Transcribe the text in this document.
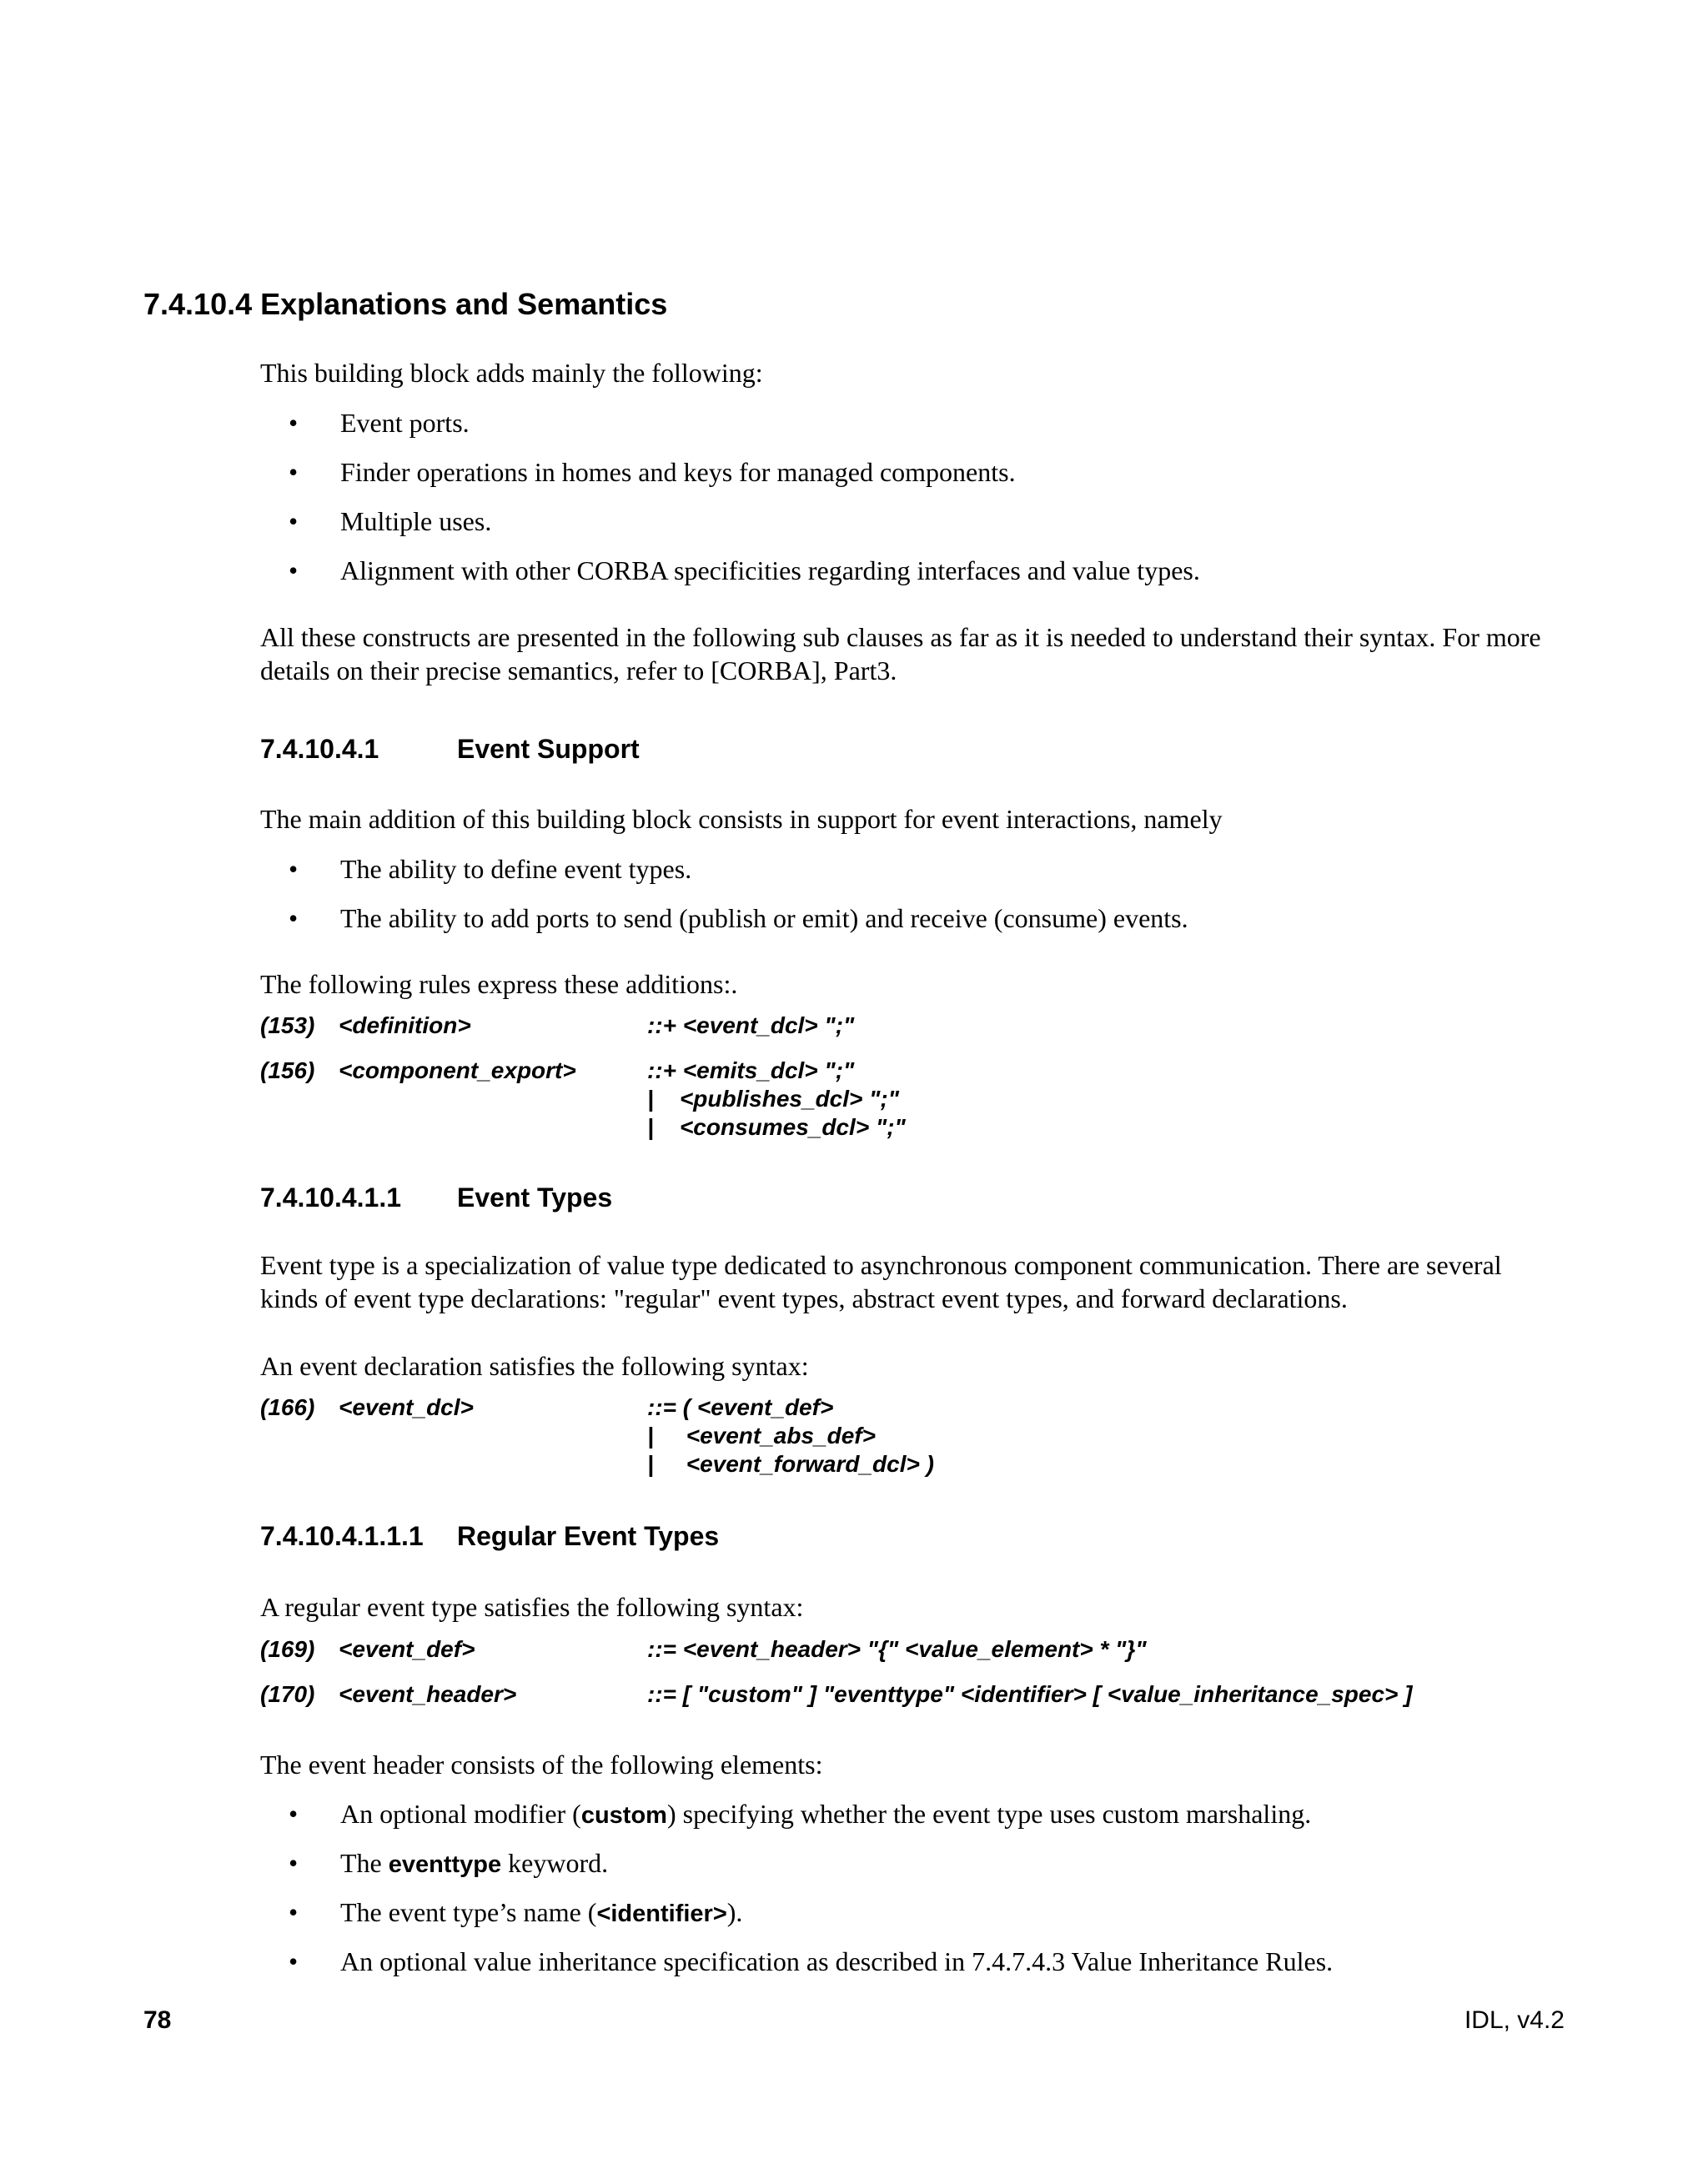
7.4.10.4 Explanations and Semantics
This building block adds mainly the following:
• Event ports.
• Finder operations in homes and keys for managed components.
• Multiple uses.
• Alignment with other CORBA specificities regarding interfaces and value types.
All these constructs are presented in the following sub clauses as far as it is needed to understand their syntax. For more details on their precise semantics, refer to [CORBA], Part3.
7.4.10.4.1	Event Support
The main addition of this building block consists in support for event interactions, namely
• The ability to define event types.
• The ability to add ports to send (publish or emit) and receive (consume) events.
The following rules express these additions:.
(153) <definition>	::+ <event_dcl> ";"
(156) <component_export>	::+ <emits_dcl> ";"
|    <publishes_dcl> ";"
|    <consumes_dcl> ";"
7.4.10.4.1.1 Event Types
Event type is a specialization of value type dedicated to asynchronous component communication. There are several kinds of event type declarations: "regular" event types, abstract event types, and forward declarations.
An event declaration satisfies the following syntax:
(166) <event_dcl>	::= ( <event_def>
|     <event_abs_def>
|     <event_forward_dcl> )
7.4.10.4.1.1.1 Regular Event Types
A regular event type satisfies the following syntax:
(169) <event_def>	::= <event_header> "{" <value_element> * "}"
(170) <event_header>	::= [ "custom" ] "eventtype" <identifier> [ <value_inheritance_spec> ]
The event header consists of the following elements:
• An optional modifier (custom) specifying whether the event type uses custom marshaling.
• The eventtype keyword.
• The event type’s name (<identifier>).
• An optional value inheritance specification as described in 7.4.7.4.3 Value Inheritance Rules.
78	IDL, v4.2
